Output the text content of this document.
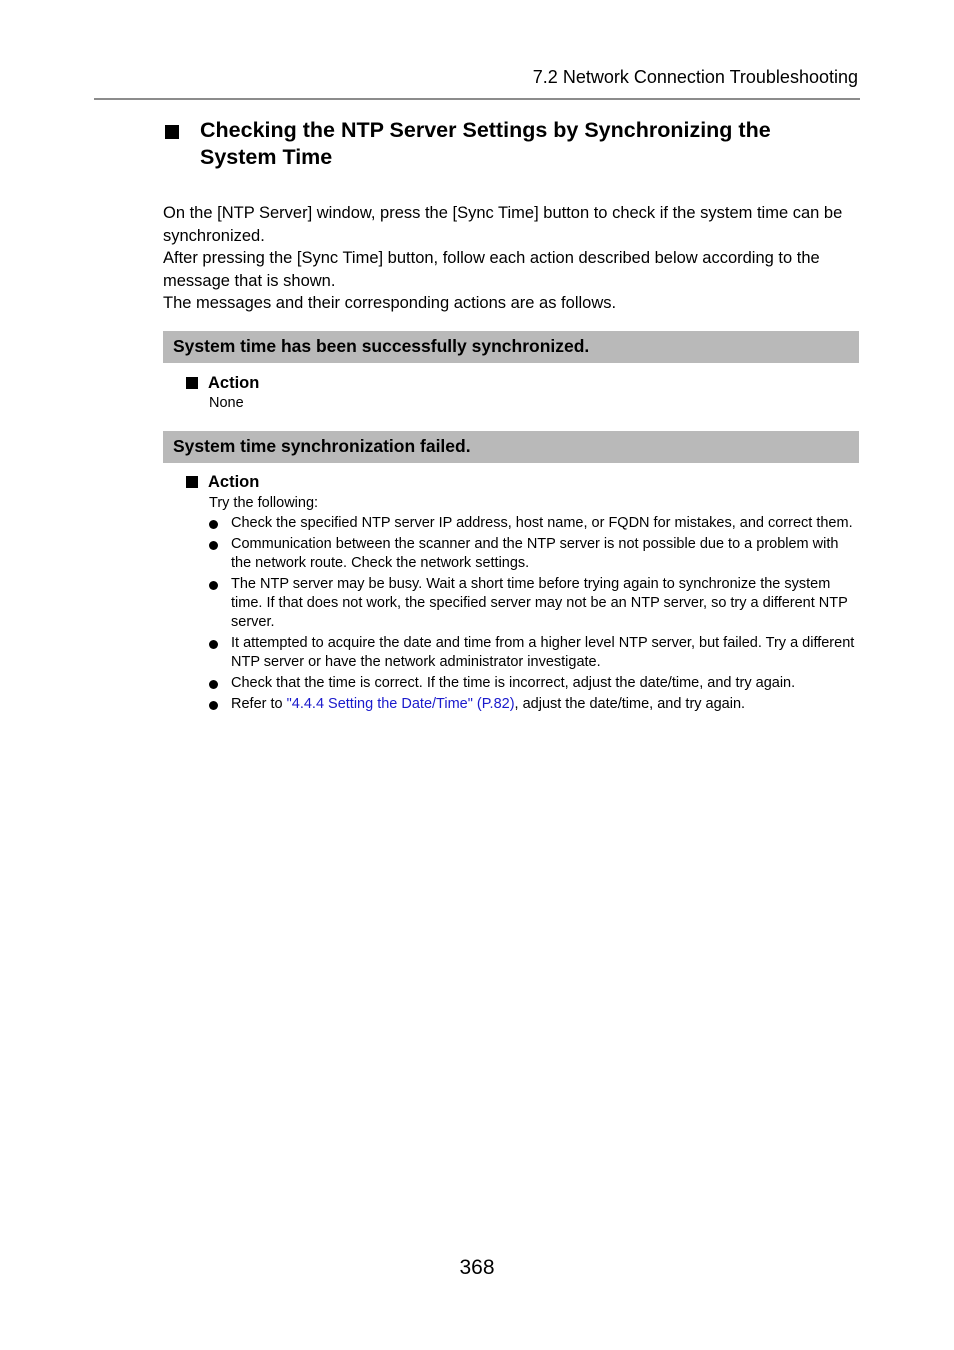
7.2 Network Connection Troubleshooting
Checking the NTP Server Settings by Synchronizing the System Time

On the [NTP Server] window, press the [Sync Time] button to check if the system time can be synchronized.

After pressing the [Sync Time] button, follow each action described below according to the message that is shown.

The messages and their corresponding actions are as follows.

System time has been successfully synchronized.
Action
None
System time synchronization failed.
Action
Try the following:
Check the specified NTP server IP address, host name, or FQDN for mistakes, and correct them.
Communication between the scanner and the NTP server is not possible due to a problem with the network route. Check the network settings.
The NTP server may be busy. Wait a short time before trying again to synchronize the system time. If that does not work, the specified server may not be an NTP server, so try a different NTP server.
It attempted to acquire the date and time from a higher level NTP server, but failed. Try a different NTP server or have the network administrator investigate.
Check that the time is correct. If the time is incorrect, adjust the date/time, and try again.
Refer to "4.4.4 Setting the Date/Time" (P.82), adjust the date/time, and try again.
368
